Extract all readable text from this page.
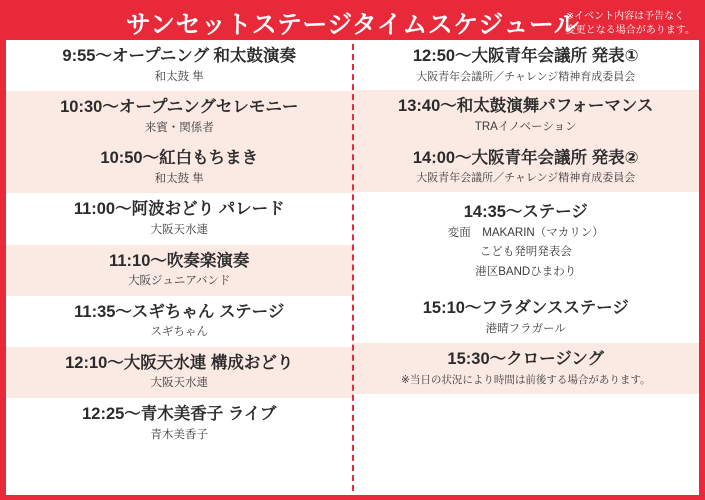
サンセットステージタイムスケジュール
※イベント内容は予告なく
変更となる場合があります。
9:55〜オープニング 和太鼓演奏
和太鼓 隼
10:30〜オープニングセレモニー
来賓・関係者
10:50〜紅白もちまき
和太鼓 隼
11:00〜阿波おどり パレード
大阪天水連
11:10〜吹奏楽演奏
大阪ジュニアバンド
11:35〜スギちゃん ステージ
スギちゃん
12:10〜大阪天水連 構成おどり
大阪天水連
12:25〜青木美香子 ライブ
青木美香子
12:50〜大阪青年会議所 発表①
大阪青年会議所／チャレンジ精神育成委員会
13:40〜和太鼓演舞パフォーマンス
TRAイノベーション
14:00〜大阪青年会議所 発表②
大阪青年会議所／チャレンジ精神育成委員会
14:35〜ステージ
変面　MAKARIN（マカリン）
こども発明発表会
港区BANDひまわり
15:10〜フラダンスステージ
港晴フラガール
15:30〜クロージング
※当日の状況により時間は前後する場合があります。
